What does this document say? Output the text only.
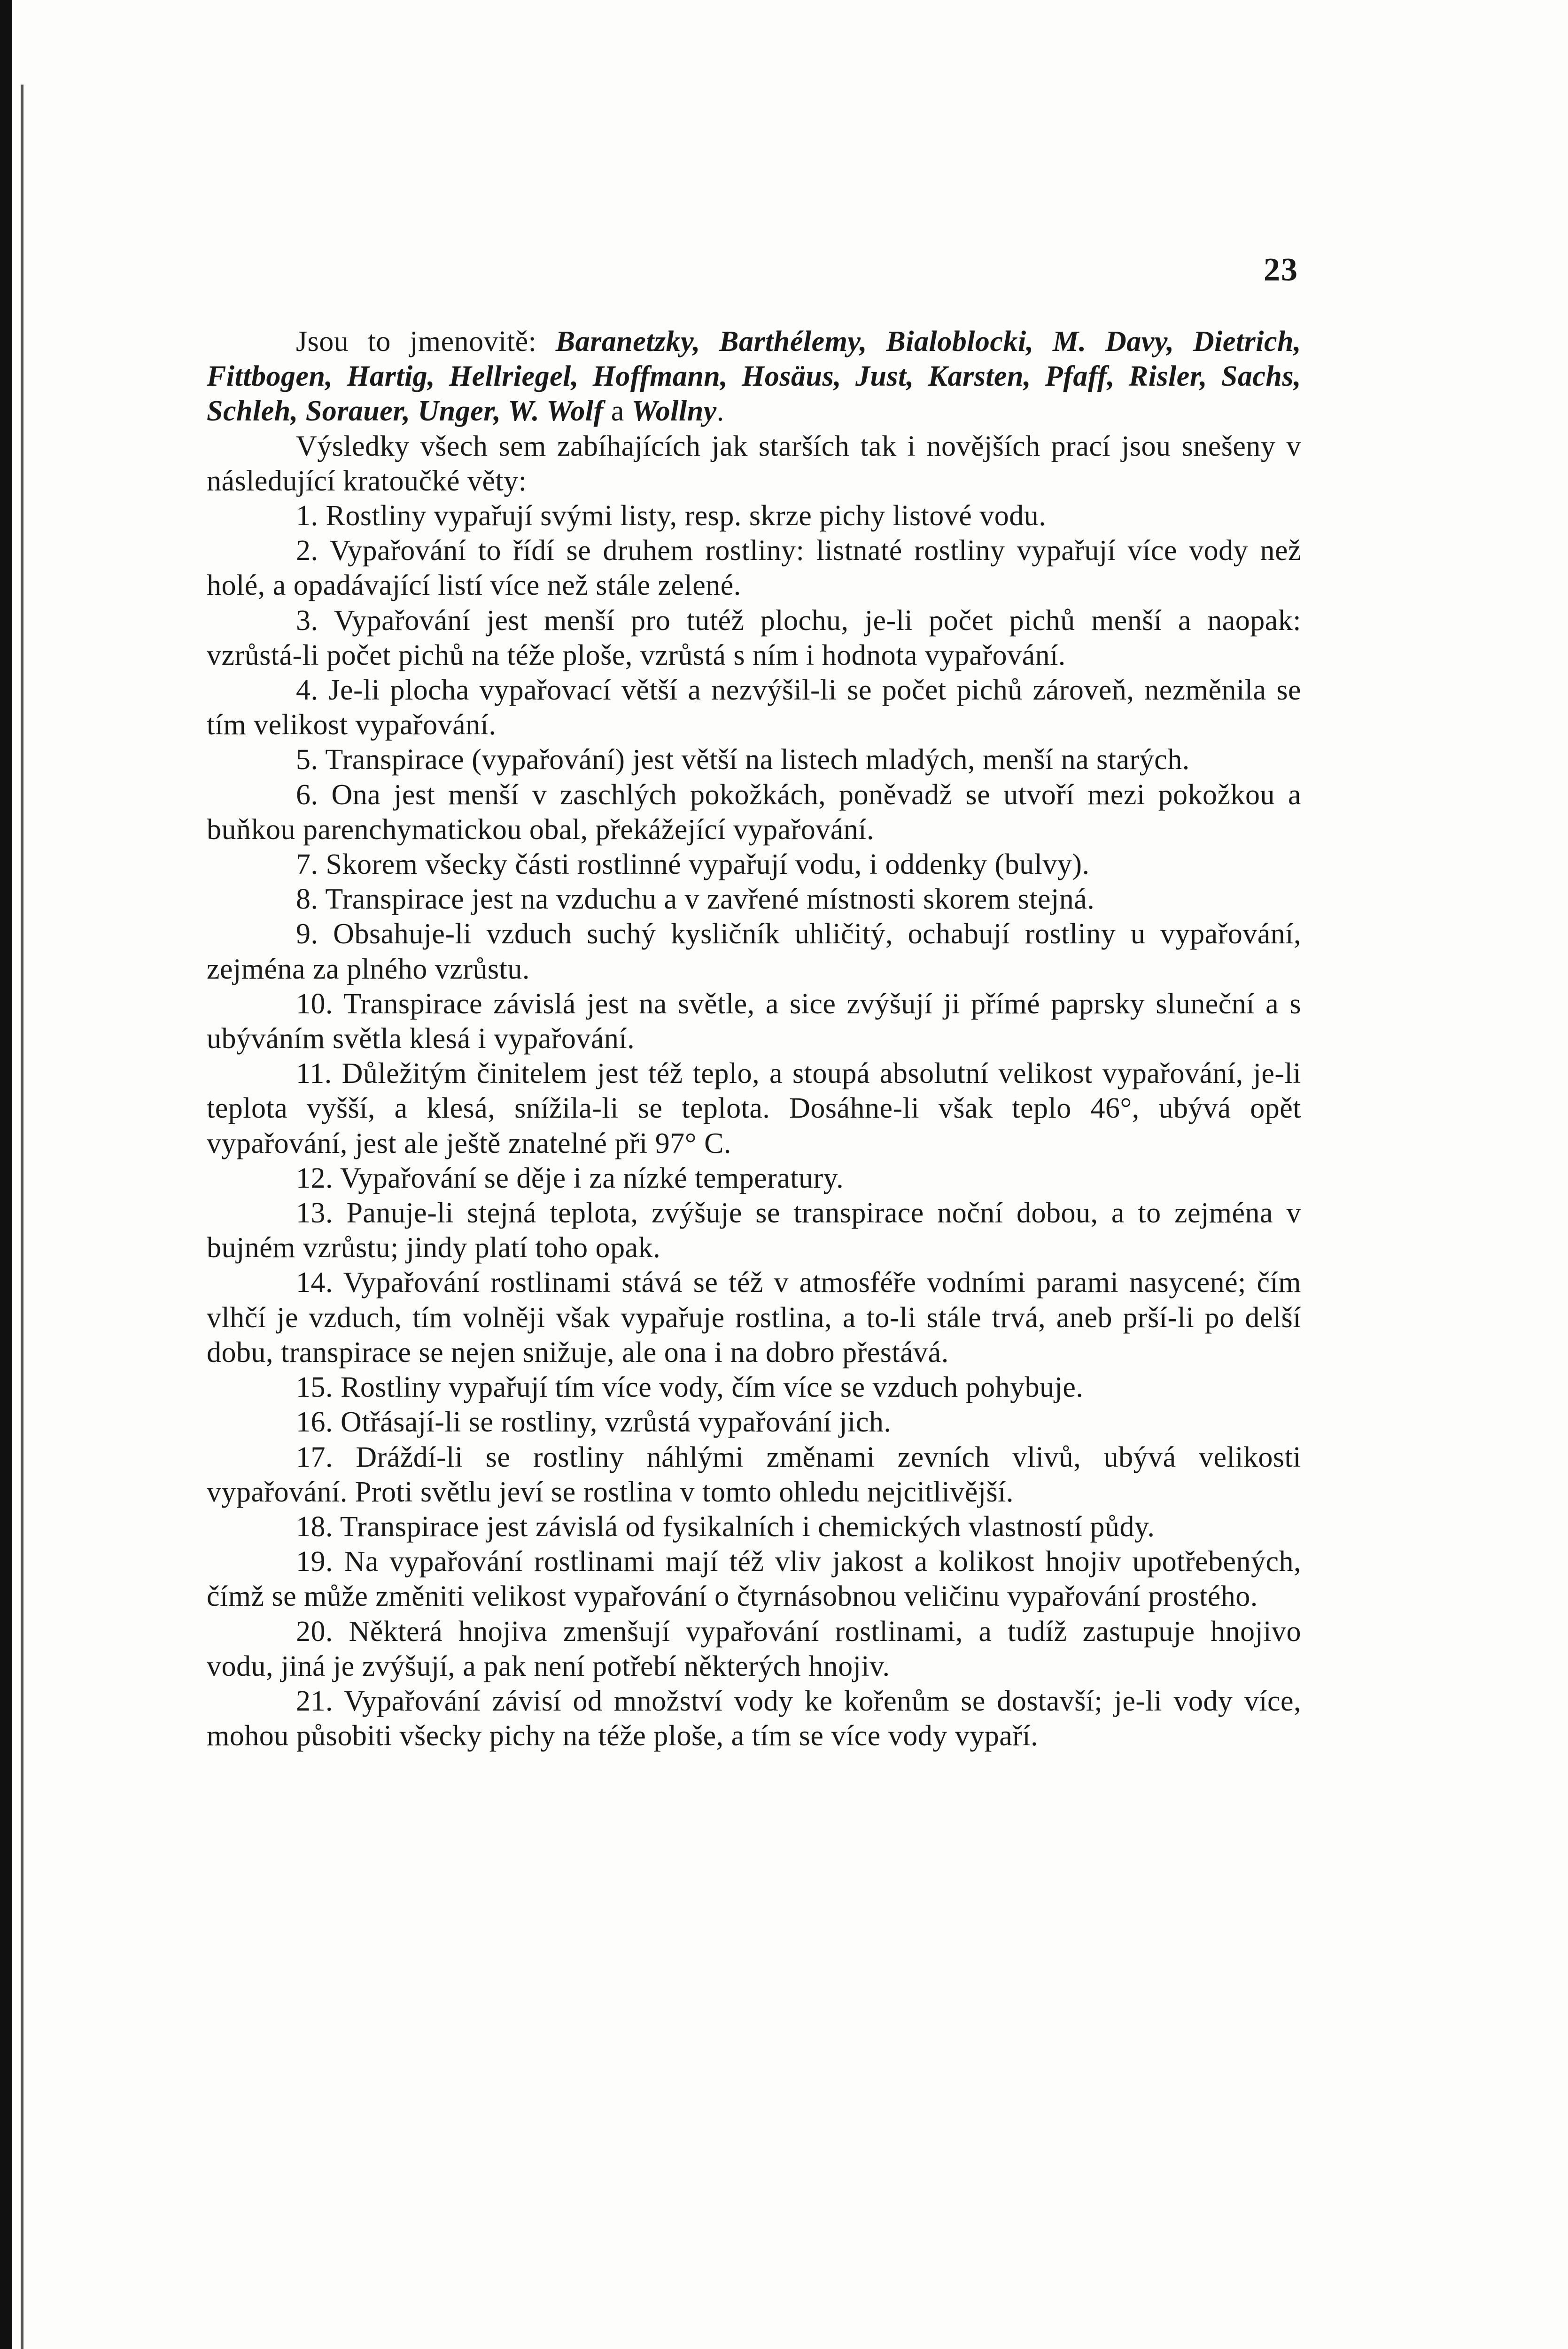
23

Jsou to jmenovitě: Baranetzky, Barthélemy, Bialoblocki, M. Davy, Dietrich, Fittbogen, Hartig, Hellriegel, Hoffmann, Hosäus, Just, Karsten, Pfaff, Risler, Sachs, Schleh, Sorauer, Unger, W. Wolf a Wollny.

Výsledky všech sem zabíhajících jak starších tak i novějších prací jsou snešeny v následující kratoučké věty:

1. Rostliny vypařují svými listy, resp. skrze pichy listové vodu.

2. Vypařování to řídí se druhem rostliny: listnaté rostliny vypařují více vody než holé, a opadávající listí více než stále zelené.

3. Vypařování jest menší pro tutéž plochu, je-li počet pichů menší a naopak: vzrůstá-li počet pichů na téže ploše, vzrůstá s ním i hodnota vypařování.

4. Je-li plocha vypařovací větší a nezvýšil-li se počet pichů zároveň, nezměnila se tím velikost vypařování.

5. Transpirace (vypařování) jest větší na listech mladých, menší na starých.

6. Ona jest menší v zaschlých pokožkách, poněvadž se utvoří mezi pokožkou a buňkou parenchymatickou obal, překážející vypařování.

7. Skorem všecky části rostlinné vypařují vodu, i oddenky (bulvy).

8. Transpirace jest na vzduchu a v zavřené místnosti skorem stejná.

9. Obsahuje-li vzduch suchý kysličník uhličitý, ochabují rostliny u vypařování, zejména za plného vzrůstu.

10. Transpirace závislá jest na světle, a sice zvýšují ji přímé paprsky sluneční a s ubýváním světla klesá i vypařování.

11. Důležitým činitelem jest též teplo, a stoupá absolutní velikost vypařování, je-li teplota vyšší, a klesá, snížila-li se teplota. Dosáhne-li však teplo 46°, ubývá opět vypařování, jest ale ještě znatelné při 97° C.

12. Vypařování se děje i za nízké temperatury.

13. Panuje-li stejná teplota, zvýšuje se transpirace noční dobou, a to zejména v bujném vzrůstu; jindy platí toho opak.

14. Vypařování rostlinami stává se též v atmosféře vodními parami nasycené; čím vlhčí je vzduch, tím volněji však vypařuje rostlina, a to-li stále trvá, aneb prší-li po delší dobu, transpirace se nejen snižuje, ale ona i na dobro přestává.

15. Rostliny vypařují tím více vody, čím více se vzduch pohybuje.

16. Otřásají-li se rostliny, vzrůstá vypařování jich.

17. Dráždí-li se rostliny náhlými změnami zevních vlivů, ubývá velikosti vypařování. Proti světlu jeví se rostlina v tomto ohledu nejcitlivější.

18. Transpirace jest závislá od fysikalních i chemických vlastností půdy.

19. Na vypařování rostlinami mají též vliv jakost a kolikost hnojiv upotřebených, čímž se může změniti velikost vypařování o čtyrnásobnou veličinu vypařování prostého.

20. Některá hnojiva zmenšují vypařování rostlinami, a tudíž zastupuje hnojivo vodu, jiná je zvýšují, a pak není potřebí některých hnojiv.

21. Vypařování závisí od množství vody ke kořenům se dostavší; je-li vody více, mohou působiti všecky pichy na téže ploše, a tím se více vody vypaří.
